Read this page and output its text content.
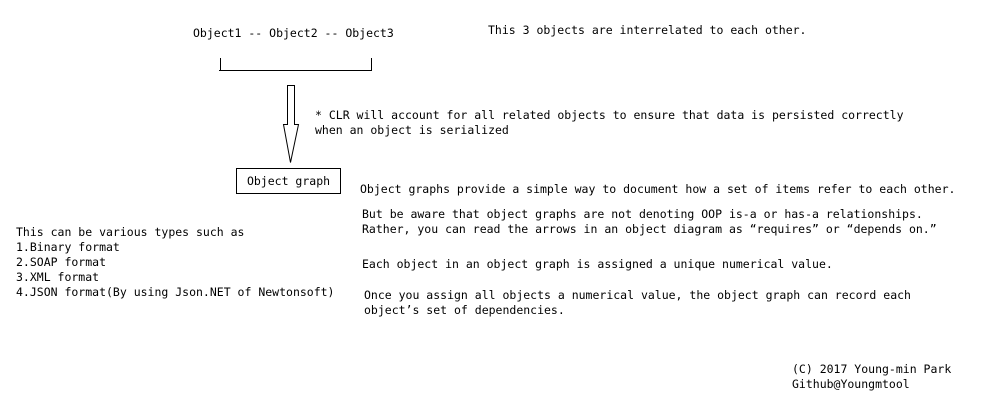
Object1 -- Object2 -- Object3	This 3 objects are interrelated to each other.
* CLR will account for all related objects to ensure that data is persisted correctly
when an object is serialized
Object graph
This can be various types such as
1.Binary format
2.SOAP format
3.XML format
4.JSON format(By using Json.NET of Newtonsoft)
Object graphs provide a simple way to document how a set of items refer to each other.
But be aware that object graphs are not denoting OOP is-a or has-a relationships.
Rather, you can read the arrows in an object diagram as “requires” or “depends on.”
Each object in an object graph is assigned a unique numerical value.
Once you assign all objects a numerical value, the object graph can record each
object’s set of dependencies.
(C) 2017 Young-min Park
Github@Youngmtool
